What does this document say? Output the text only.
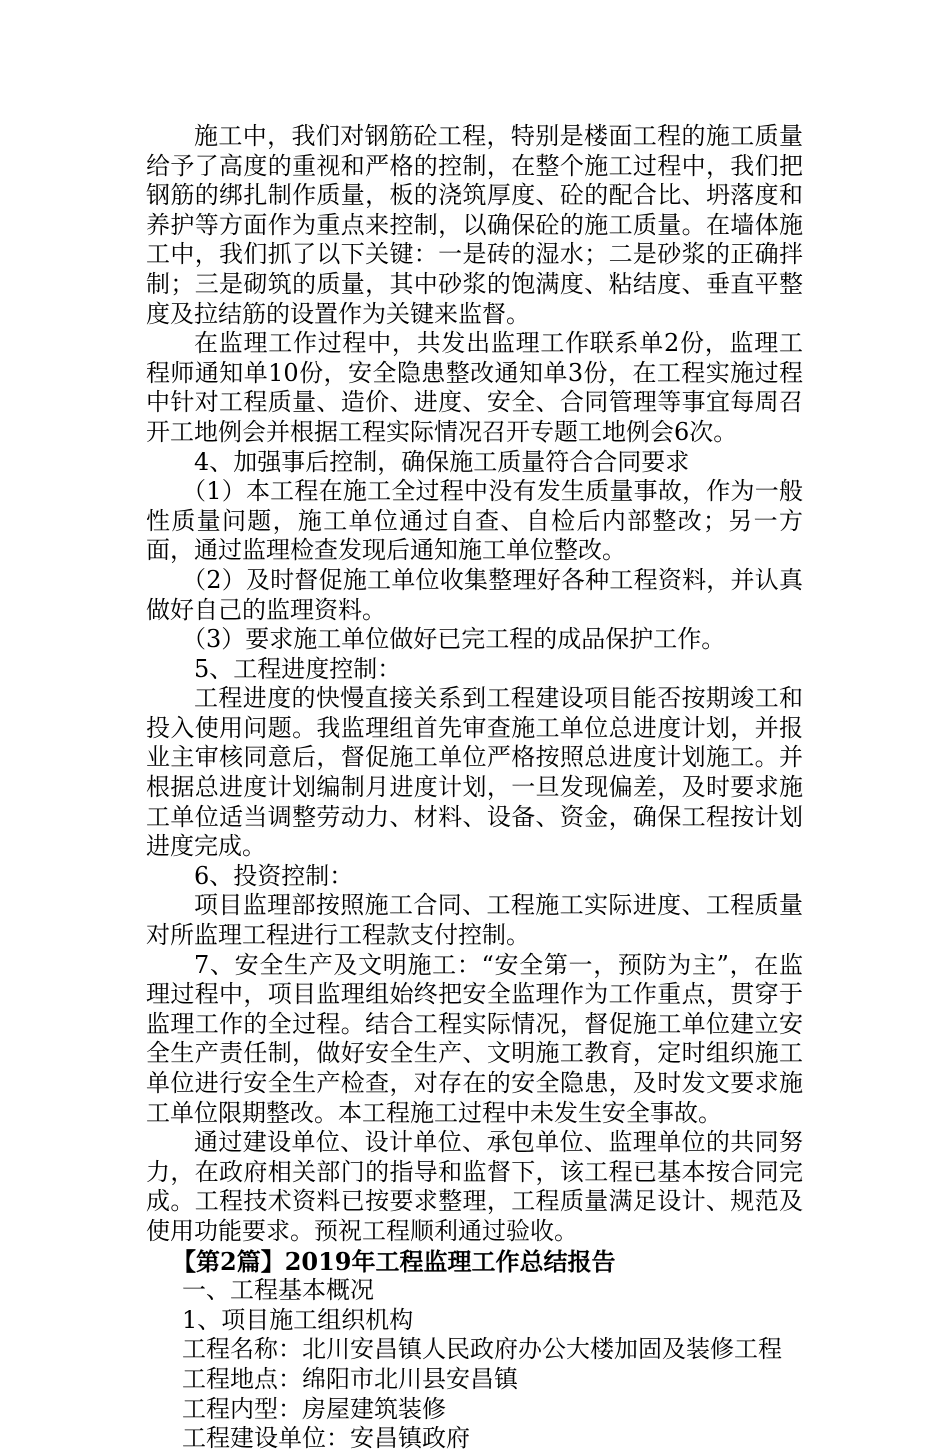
施工中，我们对钢筋砼工程，特别是楼面工程的施工质量给予了高度的重视和严格的控制，在整个施工过程中，我们把钢筋的绑扎制作质量，板的浇筑厚度、砼的配合比、坍落度和养护等方面作为重点来控制，以确保砼的施工质量。在墙体施工中，我们抓了以下关键：一是砖的湿水；二是砂浆的正确拌制；三是砌筑的质量，其中砂浆的饱满度、粘结度、垂直平整度及拉结筋的设置作为关键来监督。

在监理工作过程中，共发出监理工作联系单2份，监理工程师通知单10份，安全隐患整改通知单3份，在工程实施过程中针对工程质量、造价、进度、安全、合同管理等事宜每周召开工地例会并根据工程实际情况召开专题工地例会6次。

4、加强事后控制，确保施工质量符合合同要求

（1）本工程在施工全过程中没有发生质量事故，作为一般性质量问题，施工单位通过自查、自检后内部整改；另一方面，通过监理检查发现后通知施工单位整改。

（2）及时督促施工单位收集整理好各种工程资料，并认真做好自己的监理资料。

（3）要求施工单位做好已完工程的成品保护工作。

5、工程进度控制：

工程进度的快慢直接关系到工程建设项目能否按期竣工和投入使用问题。我监理组首先审查施工单位总进度计划，并报业主审核同意后，督促施工单位严格按照总进度计划施工。并根据总进度计划编制月进度计划，一旦发现偏差，及时要求施工单位适当调整劳动力、材料、设备、资金，确保工程按计划进度完成。

6、投资控制：

项目监理部按照施工合同、工程施工实际进度、工程质量对所监理工程进行工程款支付控制。

7、安全生产及文明施工：“安全第一，预防为主”，在监理过程中，项目监理组始终把安全监理作为工作重点，贯穿于监理工作的全过程。结合工程实际情况，督促施工单位建立安全生产责任制，做好安全生产、文明施工教育，定时组织施工单位进行安全生产检查，对存在的安全隐患，及时发文要求施工单位限期整改。本工程施工过程中未发生安全事故。

通过建设单位、设计单位、承包单位、监理单位的共同努力，在政府相关部门的指导和监督下，该工程已基本按合同完成。工程技术资料已按要求整理，工程质量满足设计、规范及使用功能要求。预祝工程顺利通过验收。

【第2篇】2019年工程监理工作总结报告

一、工程基本概况

1、项目施工组织机构

工程名称：北川安昌镇人民政府办公大楼加固及装修工程

工程地点：绵阳市北川县安昌镇

工程内型：房屋建筑装修

工程建设单位：安昌镇政府
